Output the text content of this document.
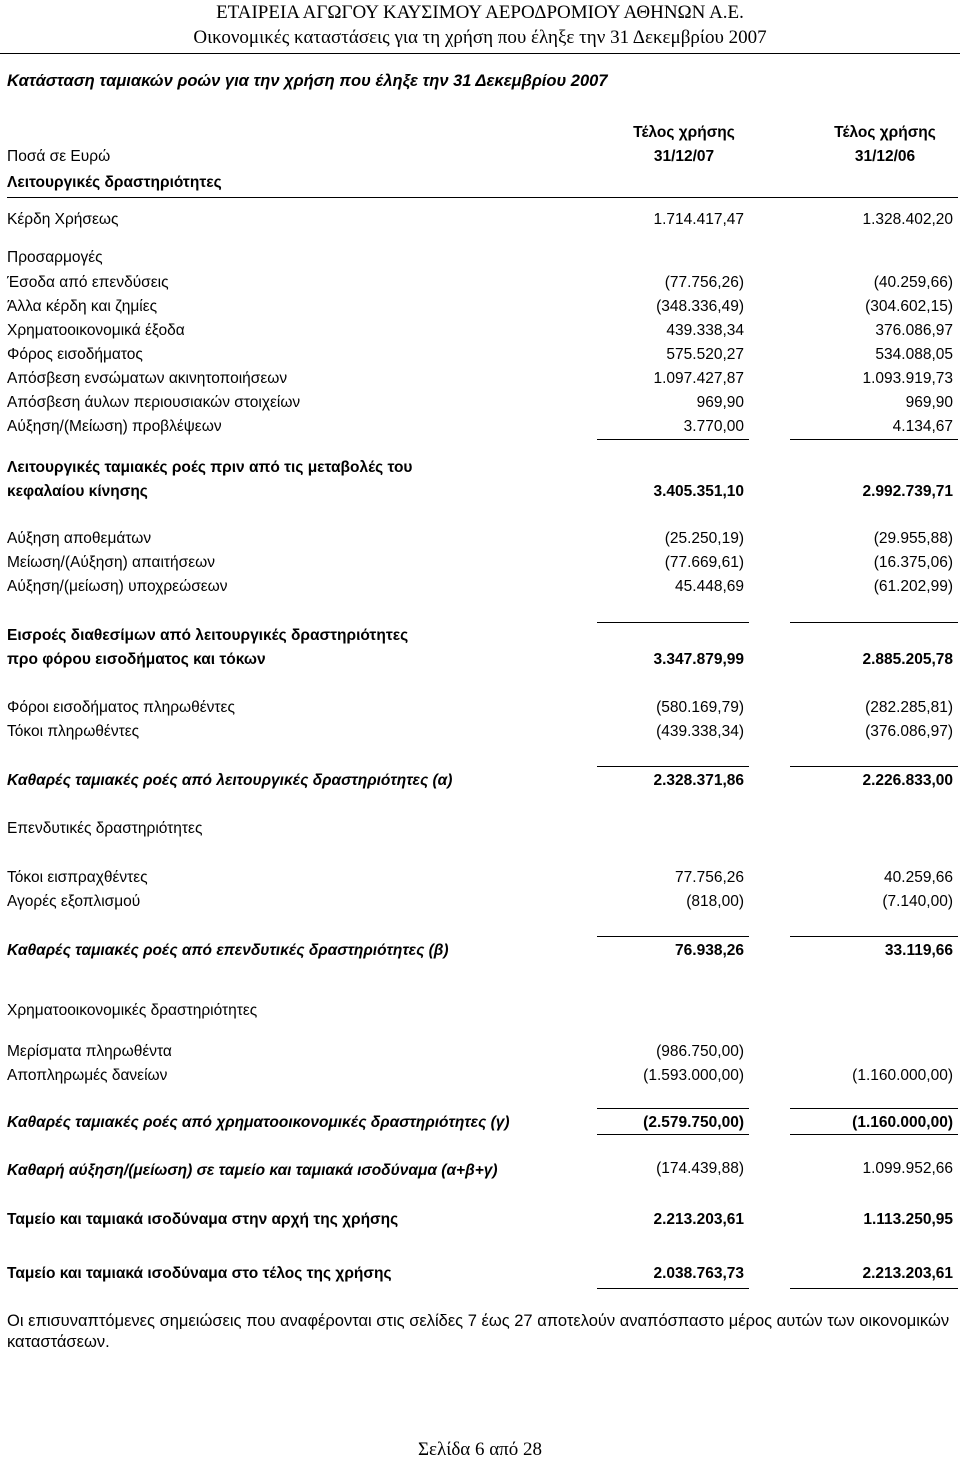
ΕΤΑΙΡΕΙΑ ΑΓΩΓΟΥ ΚΑΥΣΙΜΟΥ ΑΕΡΟΔΡΟΜΙΟΥ ΑΘΗΝΩΝ Α.Ε.
Οικονομικές καταστάσεις για τη χρήση που έληξε την 31 Δεκεμβρίου 2007
Κατάσταση ταμιακών ροών για την χρήση που έληξε την 31 Δεκεμβρίου 2007
Τέλος χρήσης	Τέλος χρήσης
Ποσά σε Ευρώ	31/12/07	31/12/06
Λειτουργικές δραστηριότητες
Κέρδη Χρήσεως	1.714.417,47	1.328.402,20
Προσαρμογές
Έσοδα από επενδύσεις	(77.756,26)	(40.259,66)
Άλλα κέρδη και ζημίες	(348.336,49)	(304.602,15)
Χρηματοοικονομικά έξοδα	439.338,34	376.086,97
Φόρος εισοδήματος	575.520,27	534.088,05
Απόσβεση ενσώματων ακινητοποιήσεων	1.097.427,87	1.093.919,73
Απόσβεση άυλων περιουσιακών στοιχείων	969,90	969,90
Αύξηση/(Μείωση) προβλέψεων	3.770,00	4.134,67
Λειτουργικές ταμιακές ροές πριν από τις μεταβολές του
κεφαλαίου κίνησης	3.405.351,10	2.992.739,71
Αύξηση αποθεμάτων	(25.250,19)	(29.955,88)
Μείωση/(Αύξηση) απαιτήσεων	(77.669,61)	(16.375,06)
Αύξηση/(μείωση) υποχρεώσεων	45.448,69	(61.202,99)
Εισροές διαθεσίμων από λειτουργικές δραστηριότητες
προ φόρου εισοδήματος και τόκων	3.347.879,99	2.885.205,78
Φόροι εισοδήματος πληρωθέντες	(580.169,79)	(282.285,81)
Τόκοι πληρωθέντες	(439.338,34)	(376.086,97)
Καθαρές ταμιακές ροές από λειτουργικές δραστηριότητες (α)	2.328.371,86	2.226.833,00
Επενδυτικές δραστηριότητες
Τόκοι εισπραχθέντες	77.756,26	40.259,66
Αγορές εξοπλισμού	(818,00)	(7.140,00)
Καθαρές ταμιακές ροές από επενδυτικές δραστηριότητες (β)	76.938,26	33.119,66
Χρηματοοικονομικές δραστηριότητες
Μερίσματα πληρωθέντα	(986.750,00)
Αποπληρωμές δανείων	(1.593.000,00)	(1.160.000,00)
Καθαρές ταμιακές ροές από χρηματοοικονομικές δραστηριότητες (γ)	(2.579.750,00)	(1.160.000,00)
Καθαρή αύξηση/(μείωση) σε ταμείο και ταμιακά ισοδύναμα (α+β+γ)	(174.439,88)	1.099.952,66
Ταμείο και ταμιακά ισοδύναμα στην αρχή της χρήσης	2.213.203,61	1.113.250,95
Ταμείο και ταμιακά ισοδύναμα στο τέλος της χρήσης	2.038.763,73	2.213.203,61
Οι επισυναπτόμενες σημειώσεις που αναφέρονται στις σελίδες 7 έως 27 αποτελούν αναπόσπαστο μέρος αυτών των οικονομικών καταστάσεων.
Σελίδα 6 από 28
